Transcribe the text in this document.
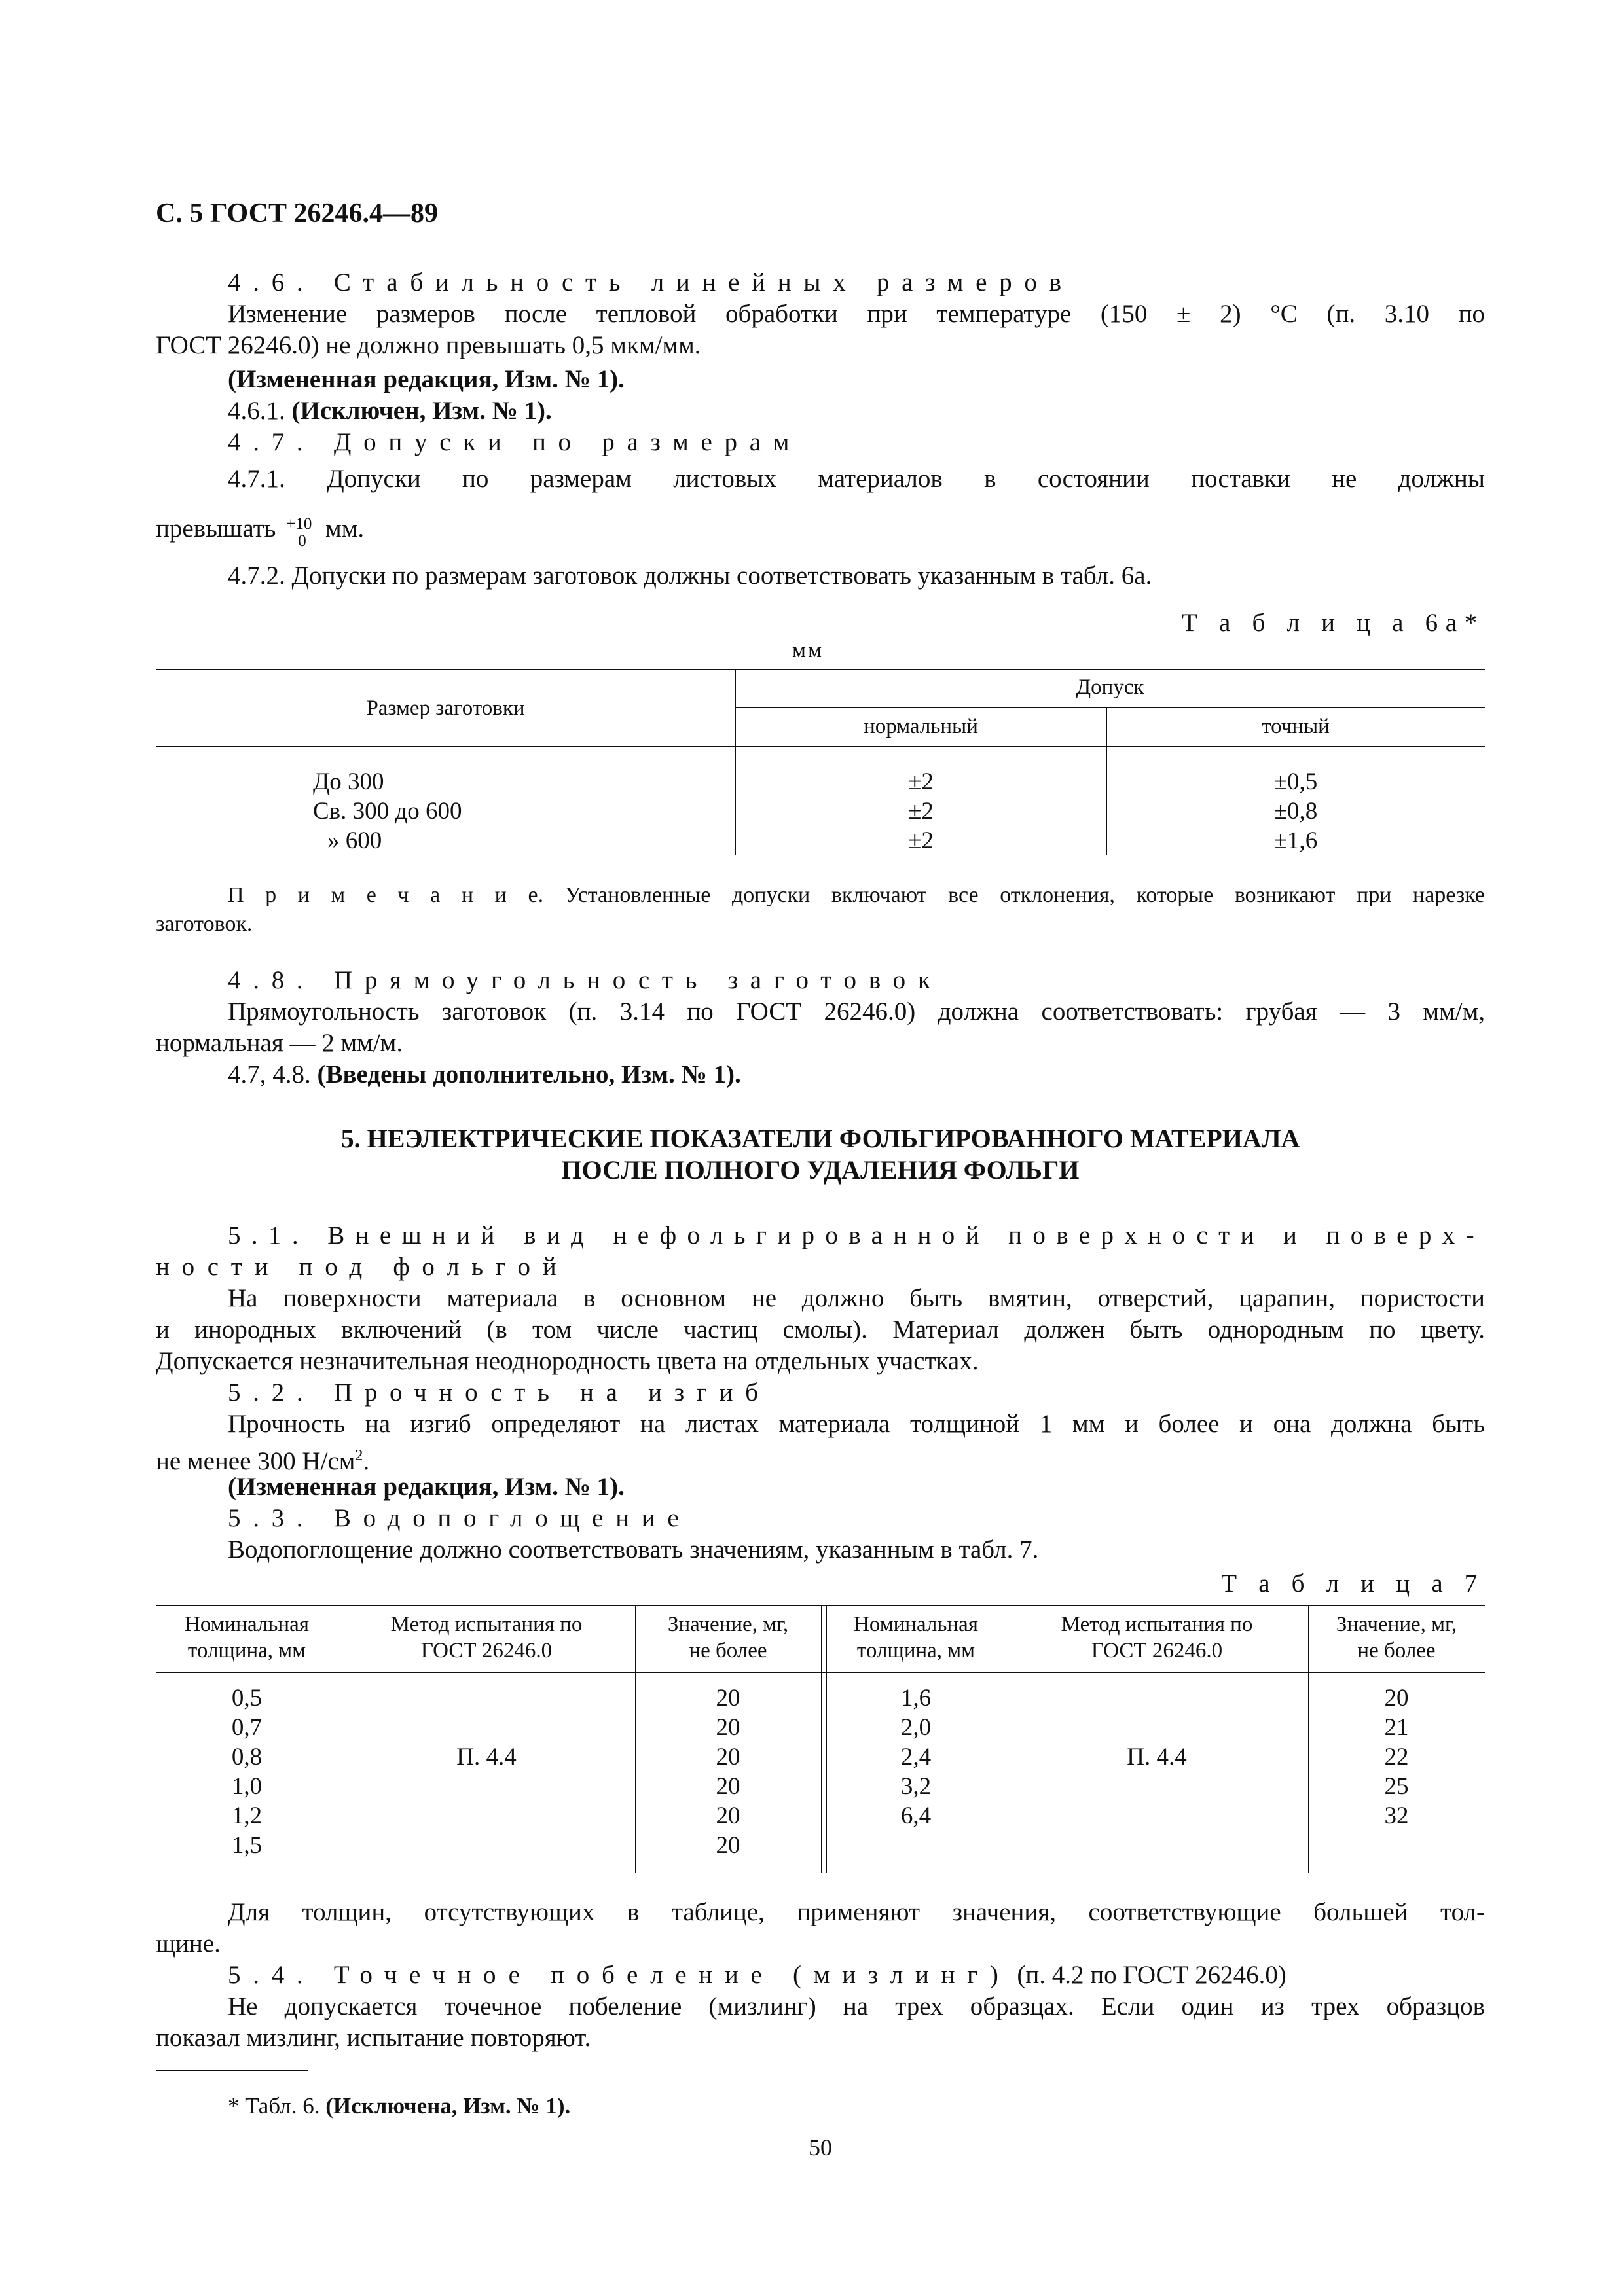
С. 5 ГОСТ 26246.4—89
4.6. Стабильность линейных размеров
Изменение размеров после тепловой обработки при температуре (150 ± 2) °С (п. 3.10 по
ГОСТ 26246.0) не должно превышать 0,5 мкм/мм.
(Измененная редакция, Изм. № 1).
4.6.1. (Исключен, Изм. № 1).
4.7. Допуски по размерам
4.7.1. Допуски по размерам листовых материалов в состоянии поставки не должны
превышать +10
0 мм.
4.7.2. Допуски по размерам заготовок должны соответствовать указанным в табл. 6а.
Т а б л и ц а 6а*
мм
Размер заготовки
Допуск
нормальный	точный
До 300
Св. 300 до 600
» 600
±2
±2
±2
±0,5
±0,8
±1,6
П р и м е ч а н и е. Установленные допуски включают все отклонения, которые возникают при нарезке
заготовок.
4.8. Прямоугольность заготовок
Прямоугольность заготовок (п. 3.14 по ГОСТ 26246.0) должна соответствовать: грубая — 3 мм/м,
нормальная — 2 мм/м.
4.7, 4.8. (Введены дополнительно, Изм. № 1).
5. НЕЭЛЕКТРИЧЕСКИЕ ПОКАЗАТЕЛИ ФОЛЬГИРОВАННОГО МАТЕРИАЛА
ПОСЛЕ ПОЛНОГО УДАЛЕНИЯ ФОЛЬГИ
5.1. Внешний вид нефольгированной поверхности и поверх-
ности под фольгой
На поверхности материала в основном не должно быть вмятин, отверстий, царапин, пористости
и инородных включений (в том числе частиц смолы). Материал должен быть однородным по цвету.
Допускается незначительная неоднородность цвета на отдельных участках.
5.2. Прочность на изгиб
Прочность на изгиб определяют на листах материала толщиной 1 мм и более и она должна быть
не менее 300 $Н/см^2$.
(Измененная редакция, Изм. № 1).
5.3. Водопоглощение
Водопоглощение должно соответствовать значениям, указанным в табл. 7.
Т а б л и ц а 7
Номинальная
толщина, мм
Метод испытания по
ГОСТ 26246.0
Значение, мг,
не более
Номинальная
толщина, мм
Метод испытания по
ГОСТ 26246.0
Значение, мг,
не более
0,5
0,7
0,8
1,0
1,2
1,5
П. 4.4
20
20
20
20
20
20
1,6
2,0
2,4
3,2
6,4
П. 4.4
20
21
22
25
32
Для толщин, отсутствующих в таблице, применяют значения, соответствующие большей тол-
щине.
5.4. Точечное побеление (мизлинг) (п. 4.2 по ГОСТ 26246.0)
Не допускается точечное побеление (мизлинг) на трех образцах. Если один из трех образцов
показал мизлинг, испытание повторяют.
* Табл. 6. (Исключена, Изм. № 1).
50
